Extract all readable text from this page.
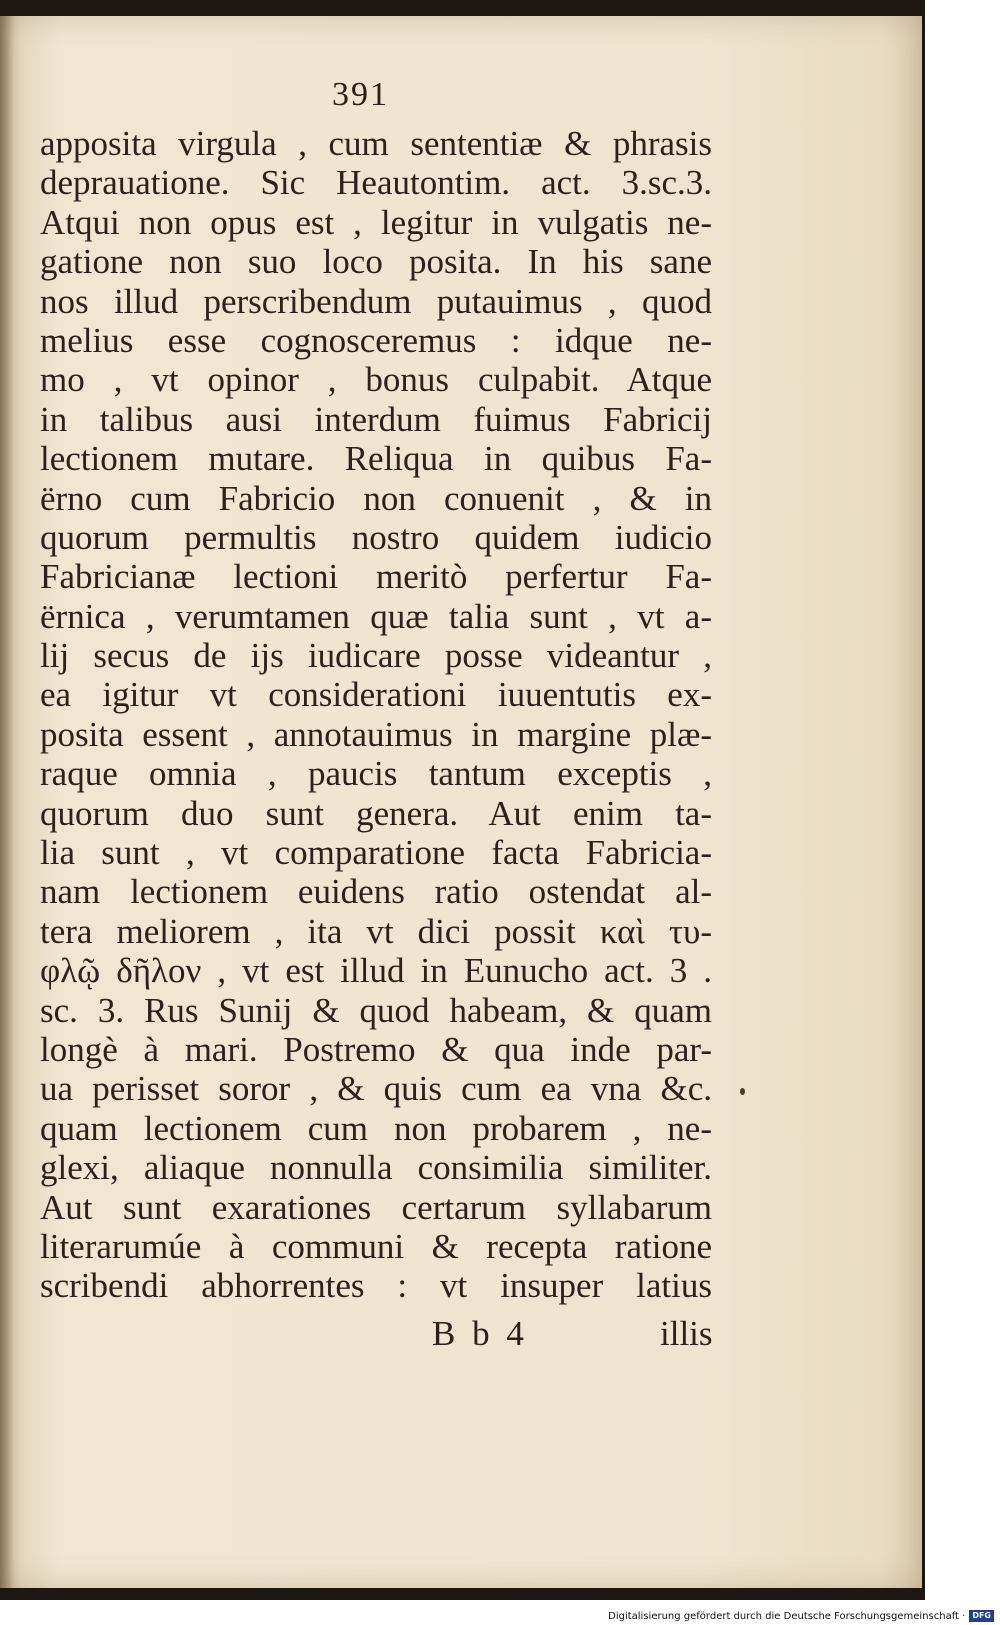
391
apposita virgula , cum sententiæ & phrasis
deprauatione. Sic Heautontim. act. 3.sc.3.
Atqui non opus est , legitur in vulgatis ne-
gatione non suo loco posita. In his sane
nos illud perscribendum putauimus , quod
melius esse cognosceremus : idque ne-
mo , vt opinor , bonus culpabit. Atque
in talibus ausi interdum fuimus Fabricij
lectionem mutare. Reliqua in quibus Fa-
ërno cum Fabricio non conuenit , & in
quorum permultis nostro quidem iudicio
Fabricianæ lectioni meritò perfertur Fa-
ërnica , verumtamen quæ talia sunt , vt a-
lij secus de ijs iudicare posse videantur ,
ea igitur vt considerationi iuuentutis ex-
posita essent , annotauimus in margine plæ-
raque omnia , paucis tantum exceptis ,
quorum duo sunt genera. Aut enim ta-
lia sunt , vt comparatione facta Fabricia-
nam lectionem euidens ratio ostendat al-
tera meliorem , ita vt dici possit καὶ τυ-
φλῷ δῆλον , vt est illud in Eunucho act. 3 .
sc. 3. Rus Sunij & quod habeam, & quam
longè à mari. Postremo & qua inde par-
ua perisset soror , & quis cum ea vna &c.
quam lectionem cum non probarem , ne-
glexi, aliaque nonnulla consimilia similiter.
Aut sunt exarationes certarum syllabarum
literarumúe à communi & recepta ratione
scribendi abhorrentes : vt insuper latius
B b 4	illis
Digitalisierung gefördert durch die Deutsche Forschungsgemeinschaft · DFG
